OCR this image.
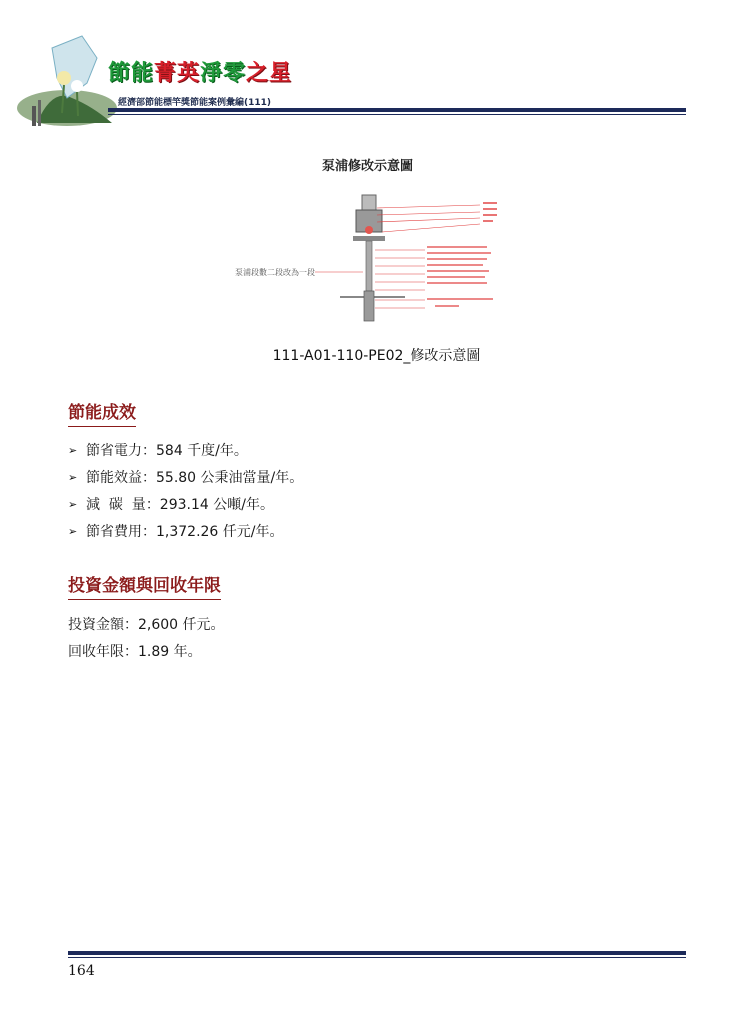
節能菁英淨零之星
經濟部節能標竿獎節能案例彙編(111)
泵浦修改示意圖
泵浦段數二段改為一段
111-A01-110-PE02_修改示意圖
節能成效
➢ 節省電力 ：584 千度/年。
➢ 節能效益 ：55.80 公秉油當量/年。
➢ 減  碳  量 ：293.14 公噸/年。
➢ 節省費用 ：1,372.26 仟元/年。
投資金額與回收年限
投資金額：2,600 仟元。
回收年限：1.89 年。
164
